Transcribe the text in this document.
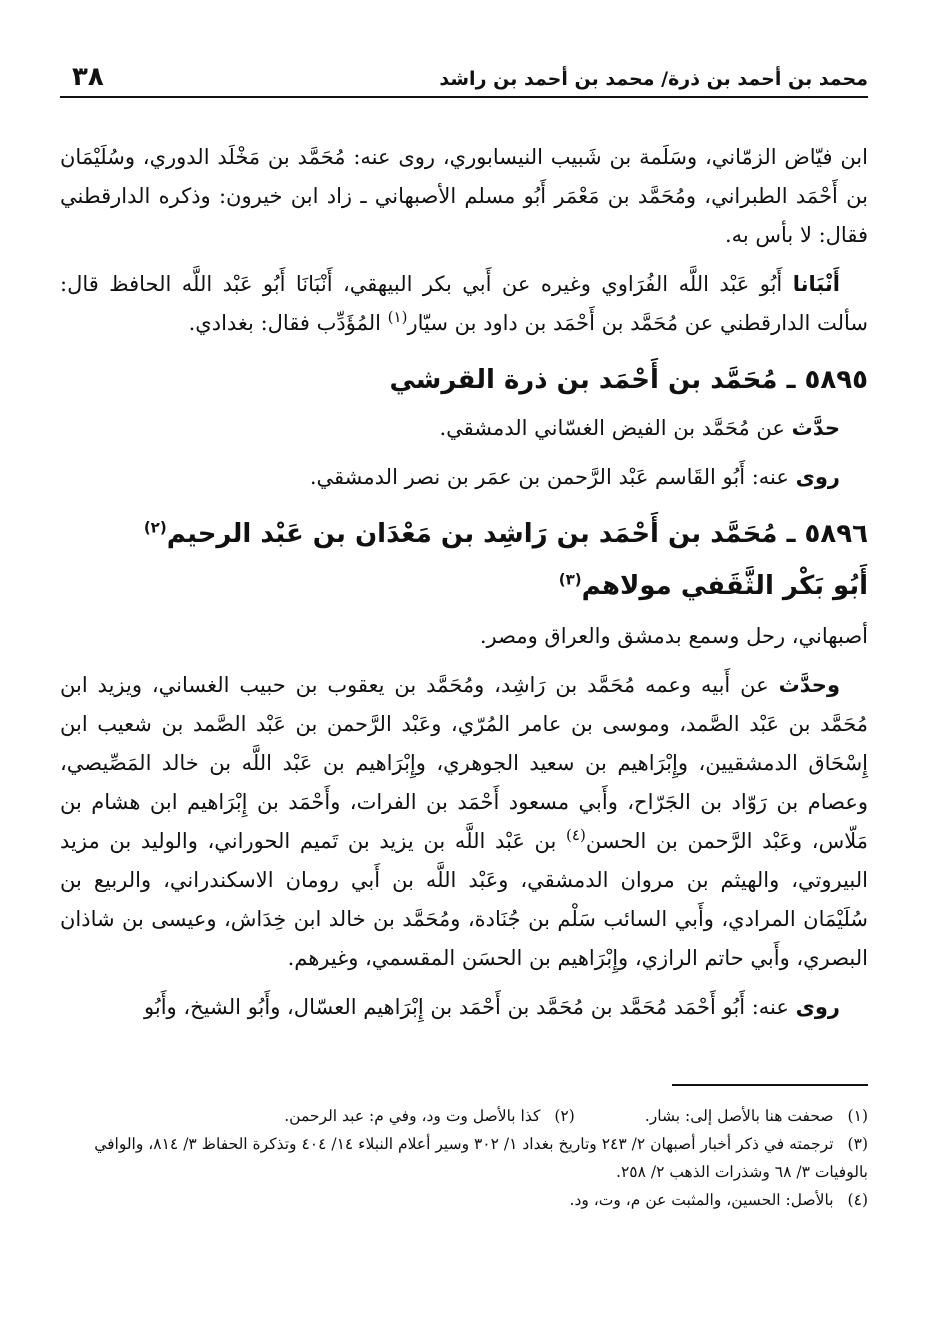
٣٨	محمد بن أحمد بن ذرة/ محمد بن أحمد بن راشد

ابن فيّاض الزمّاني، وسَلَمة بن شَبيب النيسابوري، روى عنه: مُحَمَّد بن مَخْلَد الدوري، وسُلَيْمَان بن أَحْمَد الطبراني، ومُحَمَّد بن مَعْمَر أَبُو مسلم الأصبهاني ـ زاد ابن خيرون: وذكره الدارقطني فقال: لا بأس به.

أَنْبَانا أَبُو عَبْد اللَّه الفُرَاوي وغيره عن أَبي بكر البيهقي، أَنْبَانَا أَبُو عَبْد اللَّه الحافظ قال: سألت الدارقطني عن مُحَمَّد بن أَحْمَد بن داود بن سيّار$^{(١)}$ المُؤَدِّب فقال: بغدادي.

٥٨٩٥ ـ مُحَمَّد بن أَحْمَد بن ذرة القرشي

حدَّث عن مُحَمَّد بن الفيض الغسّاني الدمشقي.

روى عنه: أَبُو القَاسم عَبْد الرَّحمن بن عمَر بن نصر الدمشقي.

٥٨٩٦ ـ مُحَمَّد بن أَحْمَد بن رَاشِد بن مَعْدَان بن عَبْد الرحيم$^{(٢)}$
أَبُو بَكْر الثَّقَفي مولاهم$^{(٣)}$

أصبهاني، رحل وسمع بدمشق والعراق ومصر.

وحدَّث عن أَبيه وعمه مُحَمَّد بن رَاشِد، ومُحَمَّد بن يعقوب بن حبيب الغساني، ويزيد ابن مُحَمَّد بن عَبْد الصَّمد، وموسى بن عامر المُرّي، وعَبْد الرَّحمن بن عَبْد الصَّمد بن شعيب ابن إِسْحَاق الدمشقيين، وإِبْرَاهيم بن سعيد الجوهري، وإِبْرَاهيم بن عَبْد اللَّه بن خالد المَصِّيصي، وعصام بن رَوّاد بن الجَرّاح، وأَبي مسعود أَحْمَد بن الفرات، وأَحْمَد بن إِبْرَاهيم ابن هشام بن مَلّاس، وعَبْد الرَّحمن بن الحسن$^{(٤)}$ بن عَبْد اللَّه بن يزيد بن تَميم الحوراني، والوليد بن مزيد البيروتي، والهيثم بن مروان الدمشقي، وعَبْد اللَّه بن أَبي رومان الاسكندراني، والربيع بن سُلَيْمَان المرادي، وأَبي السائب سَلْم بن جُنَادة، ومُحَمَّد بن خالد ابن خِدَاش، وعيسى بن شاذان البصري، وأَبي حاتم الرازي، وإِبْرَاهيم بن الحسَن المقسمي، وغيرهم.

روى عنه: أَبُو أَحْمَد مُحَمَّد بن مُحَمَّد بن أَحْمَد بن إِبْرَاهيم العسّال، وأَبُو الشيخ، وأَبُو

(١)صحفت هنا بالأصل إلى: بشار.

(٢)كذا بالأصل وت ود، وفي م: عبد الرحمن.

(٣)ترجمته في ذكر أخبار أصبهان ٢/ ٢٤٣ وتاريخ بغداد ١/ ٣٠٢ وسير أعلام النبلاء ١٤/ ٤٠٤ وتذكرة الحفاظ ٣/ ٨١٤، والوافي بالوفيات ٣/ ٦٨ وشذرات الذهب ٢/ ٢٥٨.

(٤)بالأصل: الحسين، والمثبت عن م، وت، ود.
